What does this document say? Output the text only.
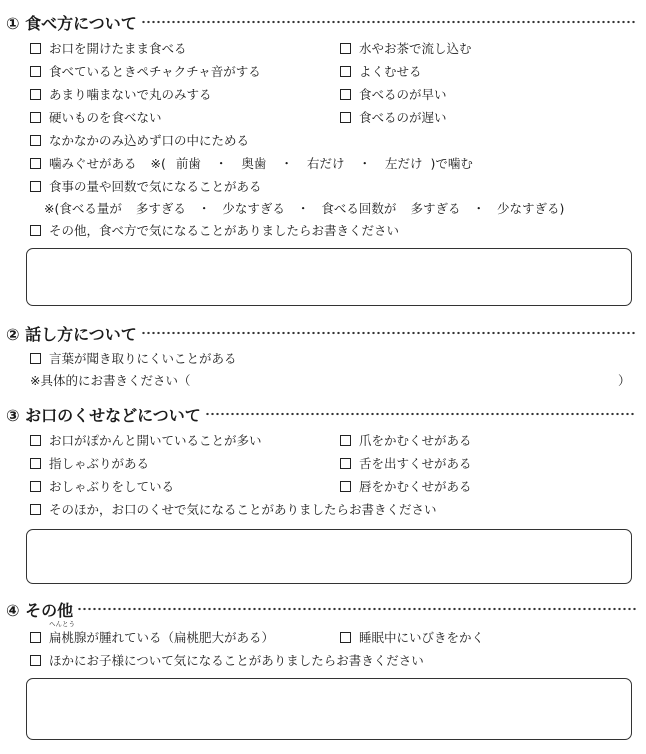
① 食べ方について
お口を開けたまま食べる
食べているときペチャクチャ音がする
あまり噛まないで丸のみする
硬いものを食べない
なかなかのみ込めず口の中にためる
噛みぐせがある ※( 前歯 ・ 奥歯 ・ 右だけ ・ 左だけ )で噛む
食事の量や回数で気になることがある
※(食べる量が 多すぎる ・ 少なすぎる ・ 食べる回数が 多すぎる ・ 少なすぎる)
その他，食べ方で気になることがありましたらお書きください
水やお茶で流し込む
よくむせる
食べるのが早い
食べるのが遅い
② 話し方について
言葉が聞き取りにくいことがある
※具体的にお書きください（	）
③ お口のくせなどについて
お口がぽかんと開いていることが多い
指しゃぶりがある
おしゃぶりをしている
そのほか，お口のくせで気になることがありましたらお書きください
爪をかむくせがある
舌を出すくせがある
唇をかむくせがある
④ その他
へんとう
扁桃腺 が腫れている（扁桃肥大がある）	睡眠中にいびきをかく
ほかにお子様について気になることがありましたらお書きください
